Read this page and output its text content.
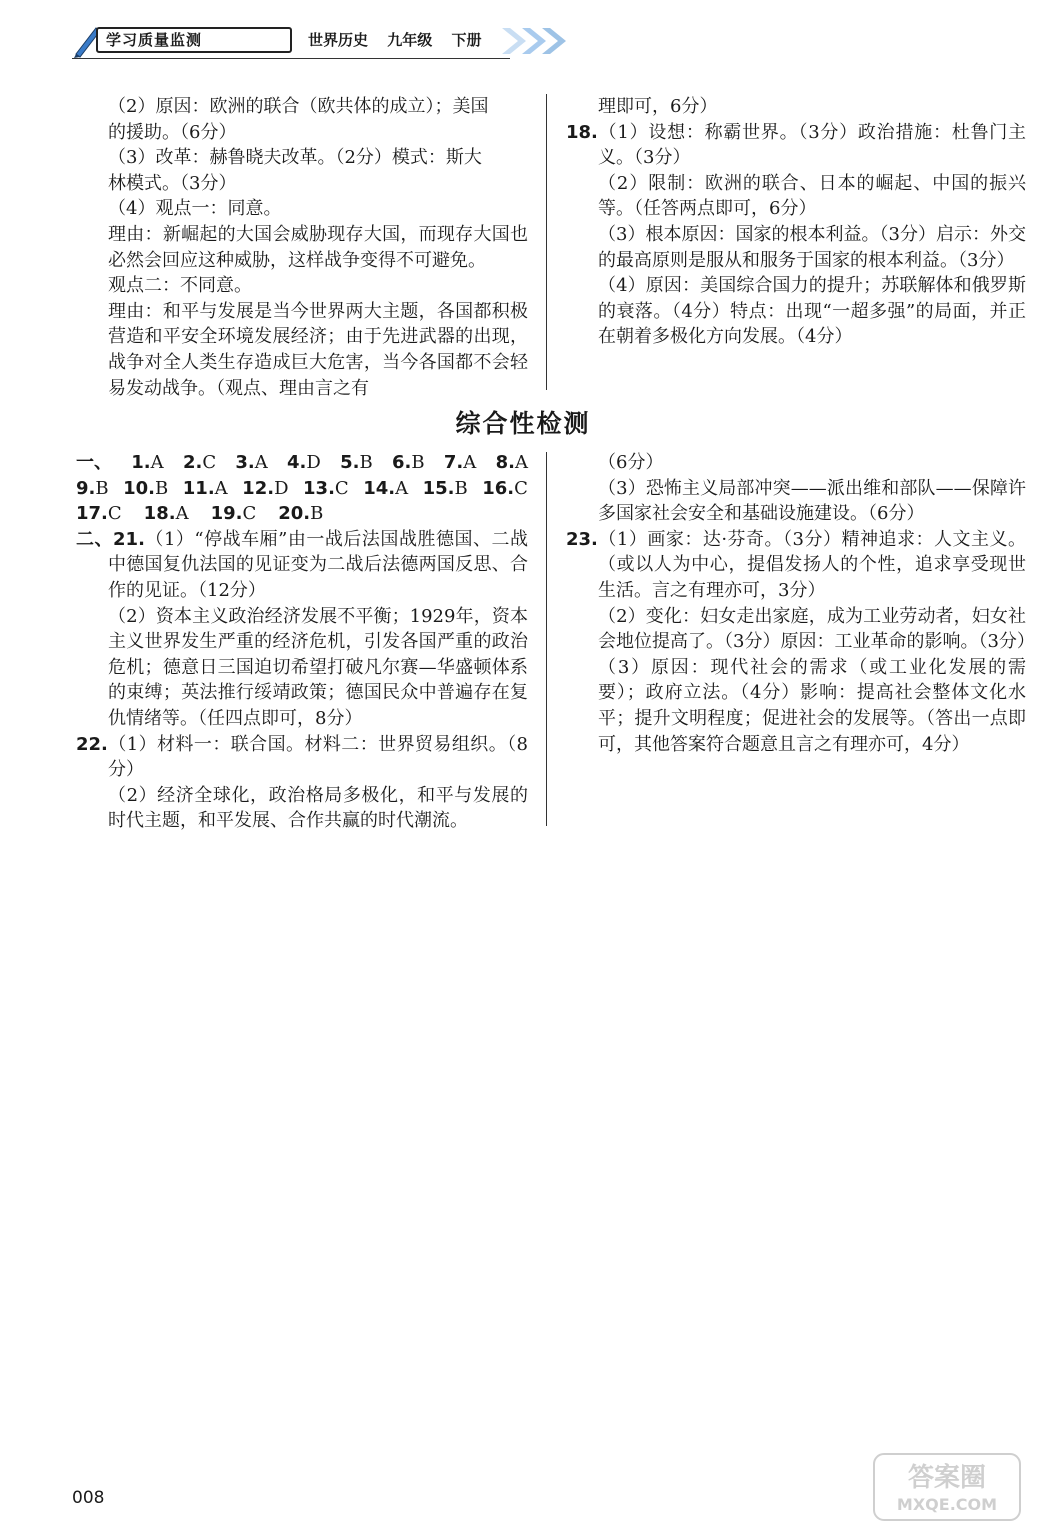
学习质量监测	世界历史 九年级 下册

（2）原因：欧洲的联合（欧共体的成立）；美国

的援助。（6分）

（3）改革：赫鲁晓夫改革。（2分）模式：斯大

林模式。（3分）

（4）观点一：同意。

理由：新崛起的大国会威胁现存大国，而现存大国也必然会回应这种威胁，这样战争变得不可避免。

观点二：不同意。

理由：和平与发展是当今世界两大主题，各国都积极营造和平安全环境发展经济；由于先进武器的出现，战争对全人类生存造成巨大危害，当今各国都不会轻易发动战争。（观点、理由言之有

理即可，6分）

18.（1）设想：称霸世界。（3分）政治措施：杜鲁门主义。（3分）

（2）限制：欧洲的联合、日本的崛起、中国的振兴等。（任答两点即可，6分）

（3）根本原因：国家的根本利益。（3分）启示：外交的最高原则是服从和服务于国家的根本利益。（3分）

（4）原因：美国综合国力的提升；苏联解体和俄罗斯的衰落。（4分）特点：出现“一超多强”的局面，并正在朝着多极化方向发展。（4分）

综合性检测
一、 1.A 2.C 3.A 4.D 5.B 6.B 7.A 8.A
9.B 10.B 11.A 12.D 13.C 14.A 15.B 16.C
17.C 18.A 19.C 20.B

二、21.（1）“停战车厢”由一战后法国战胜德国、二战中德国复仇法国的见证变为二战后法德两国反思、合作的见证。（12分）

（2）资本主义政治经济发展不平衡；1929年，资本主义世界发生严重的经济危机，引发各国严重的政治危机；德意日三国迫切希望打破凡尔赛—华盛顿体系的束缚；英法推行绥靖政策；德国民众中普遍存在复仇情绪等。（任四点即可，8分）

22.（1）材料一：联合国。材料二：世界贸易组织。（8分）

（2）经济全球化，政治格局多极化，和平与发展的时代主题，和平发展、合作共赢的时代潮流。

（6分）

（3）恐怖主义局部冲突——派出维和部队——保障许多国家社会安全和基础设施建设。（6分）

23.（1）画家：达·芬奇。（3分）精神追求：人文主义。（或以人为中心，提倡发扬人的个性，追求享受现世生活。言之有理亦可，3分）

（2）变化：妇女走出家庭，成为工业劳动者，妇女社会地位提高了。（3分）原因：工业革命的影响。（3分）

（3）原因：现代社会的需求（或工业化发展的需要）；政府立法。（4分）影响：提高社会整体文化水平；提升文明程度；促进社会的发展等。（答出一点即可，其他答案符合题意且言之有理亦可，4分）

008
答案圈
MXQE.COM
